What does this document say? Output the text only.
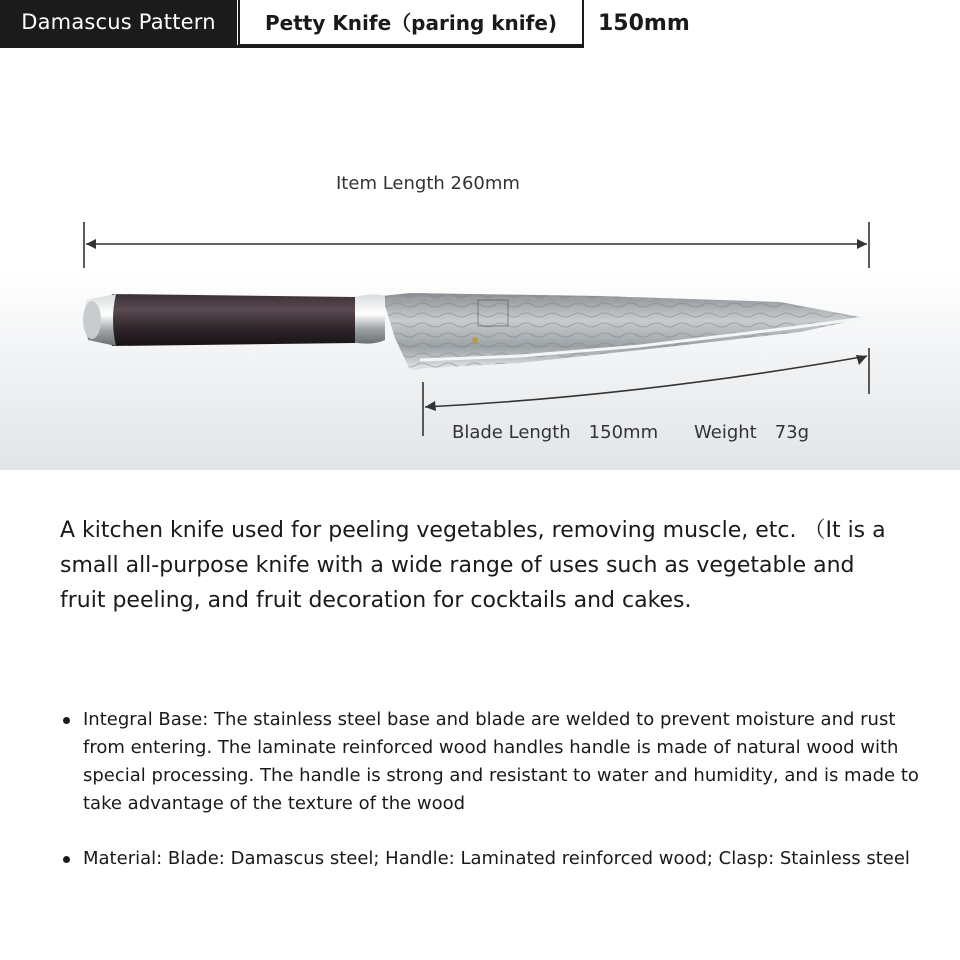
Damascus Pattern	Petty Knife（paring knife)	150mm
Item Length 260mm
Blade Length　150mm Weight　73g

A kitchen knife used for peeling vegetables, removing muscle, etc. （It is a small all-purpose knife with a wide range of uses such as vegetable and fruit peeling, and fruit decoration for cocktails and cakes.

Integral Base: The stainless steel base and blade are welded to prevent moisture and rust from entering. The laminate reinforced wood handles handle is made of natural wood with special processing. The handle is strong and resistant to water and humidity, and is made to take advantage of the texture of the wood
Material: Blade: Damascus steel; Handle: Laminated reinforced wood; Clasp: Stainless steel
